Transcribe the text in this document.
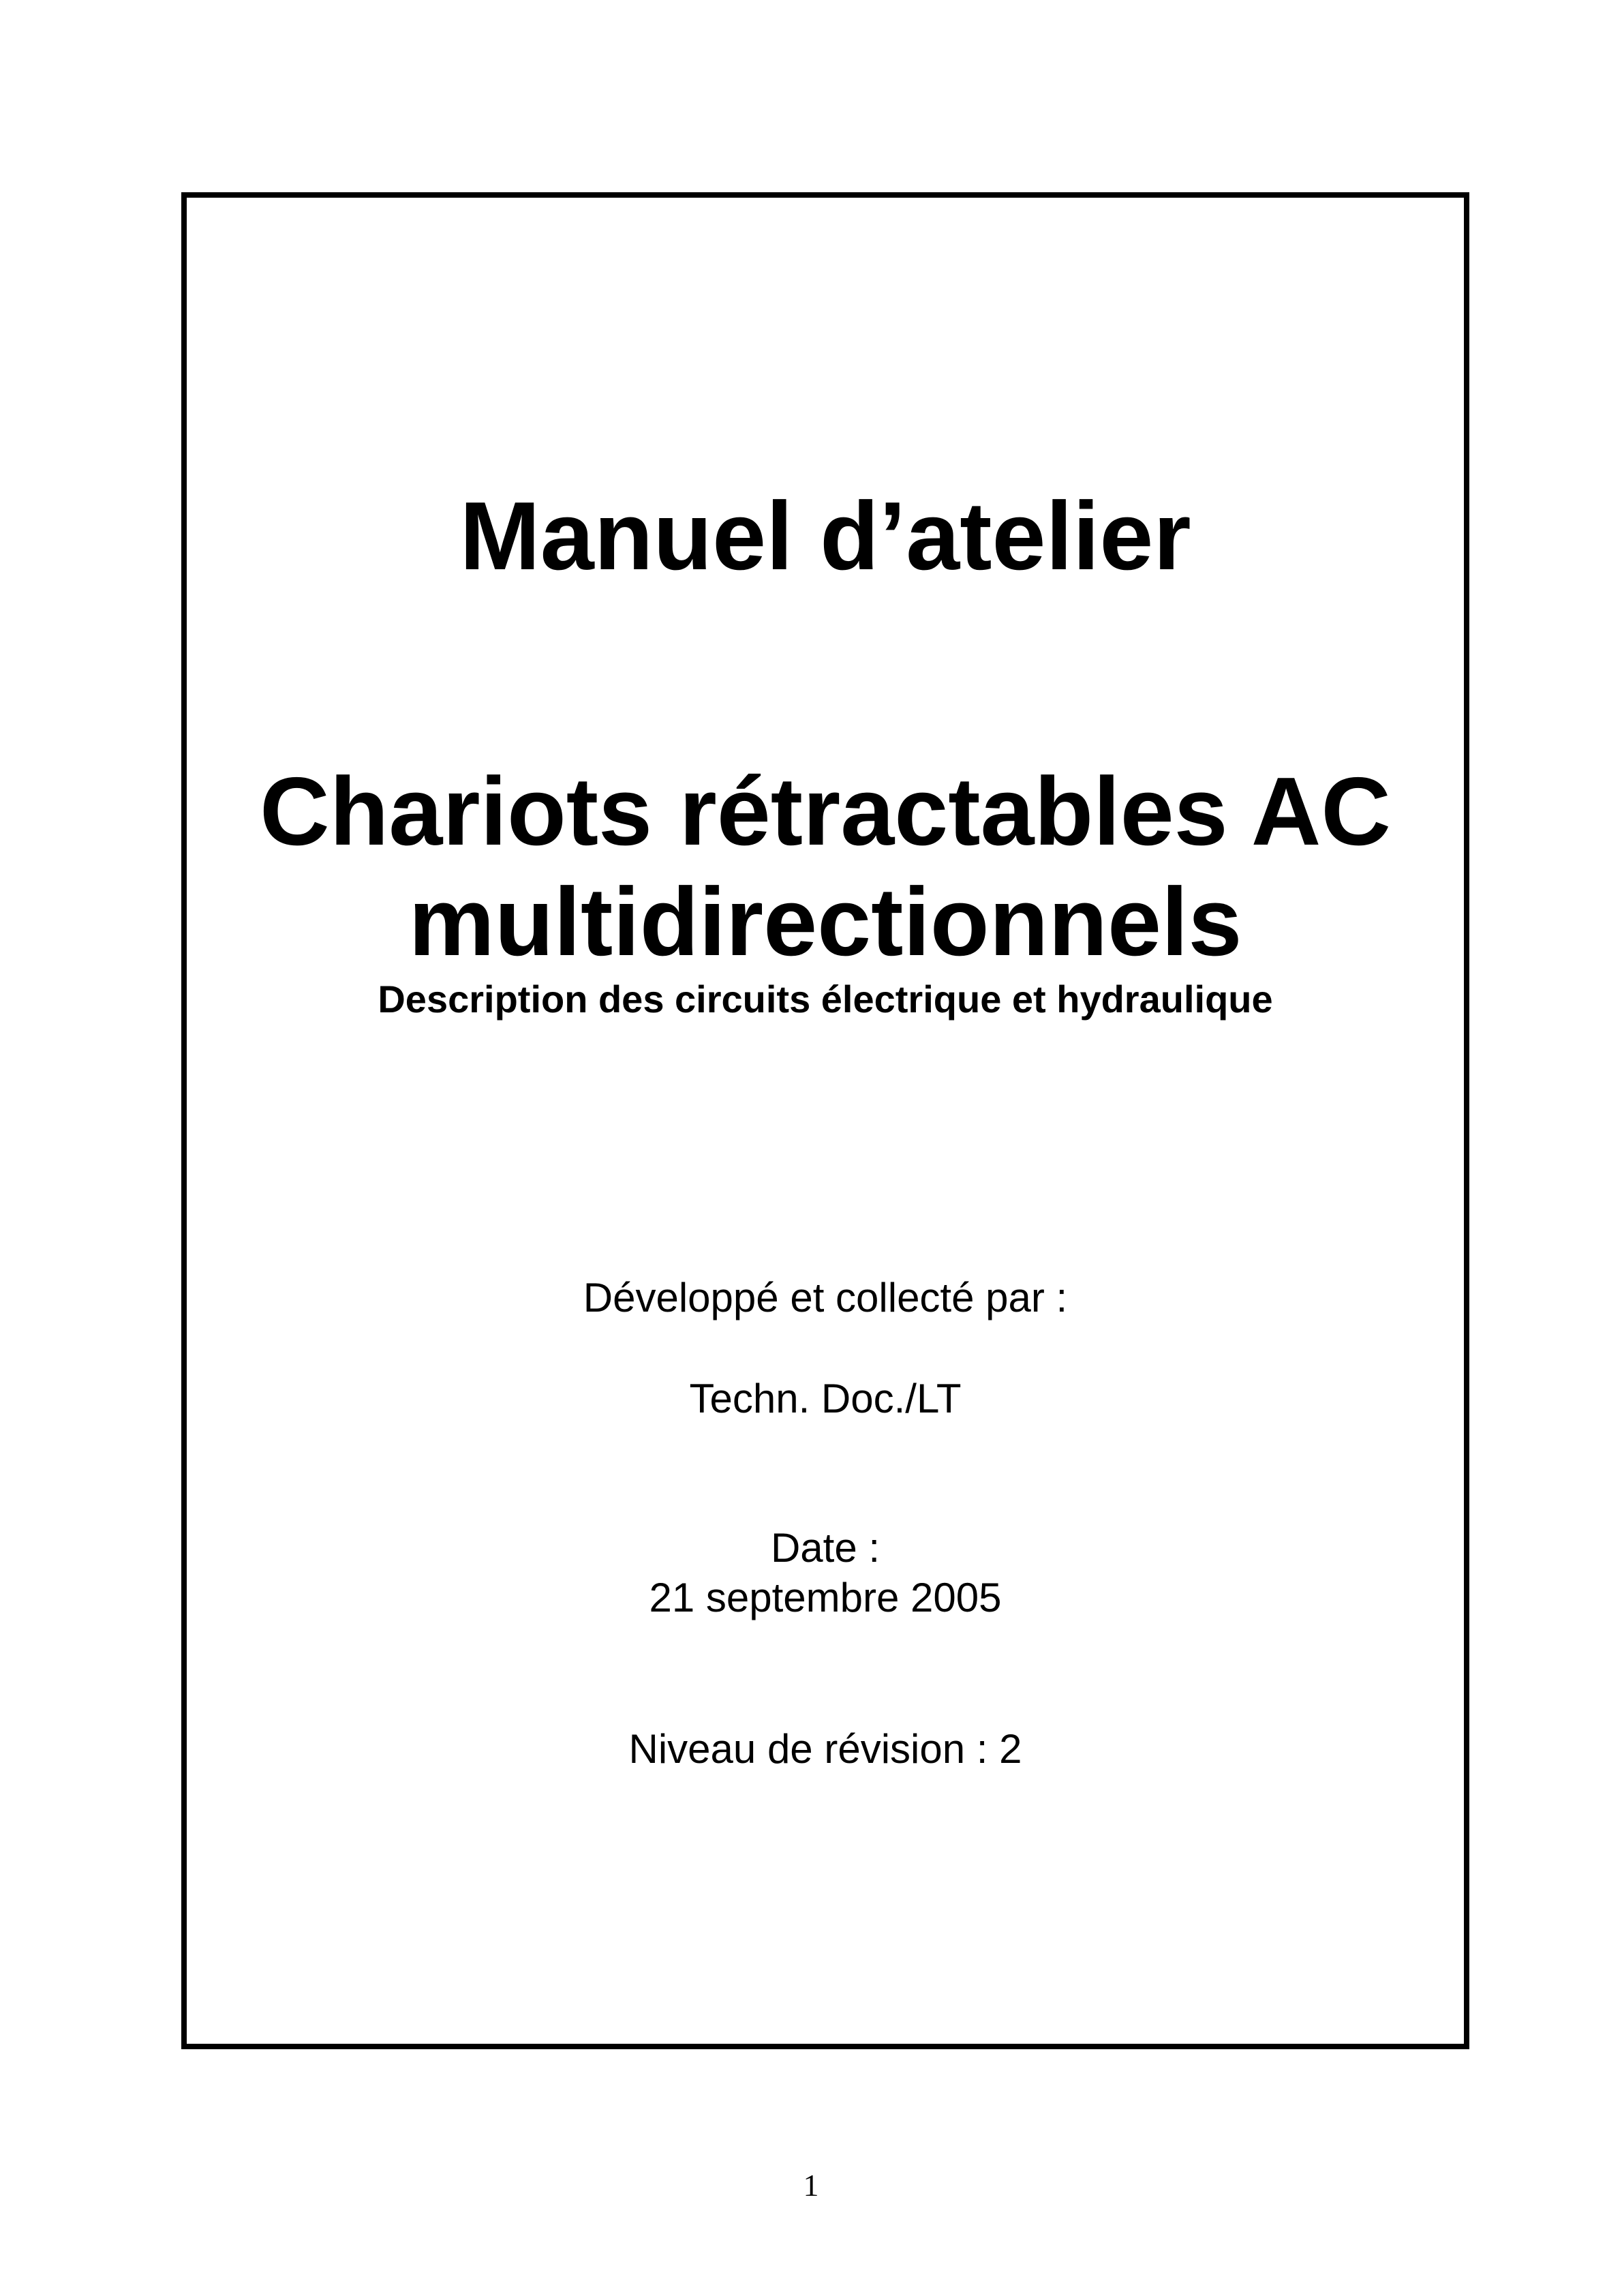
Manuel d’atelier
Chariots rétractables AC
multidirectionnels
Description des circuits électrique et hydraulique
Développé et collecté par :
Techn. Doc./LT
Date :
21 septembre 2005
Niveau de révision : 2
1
